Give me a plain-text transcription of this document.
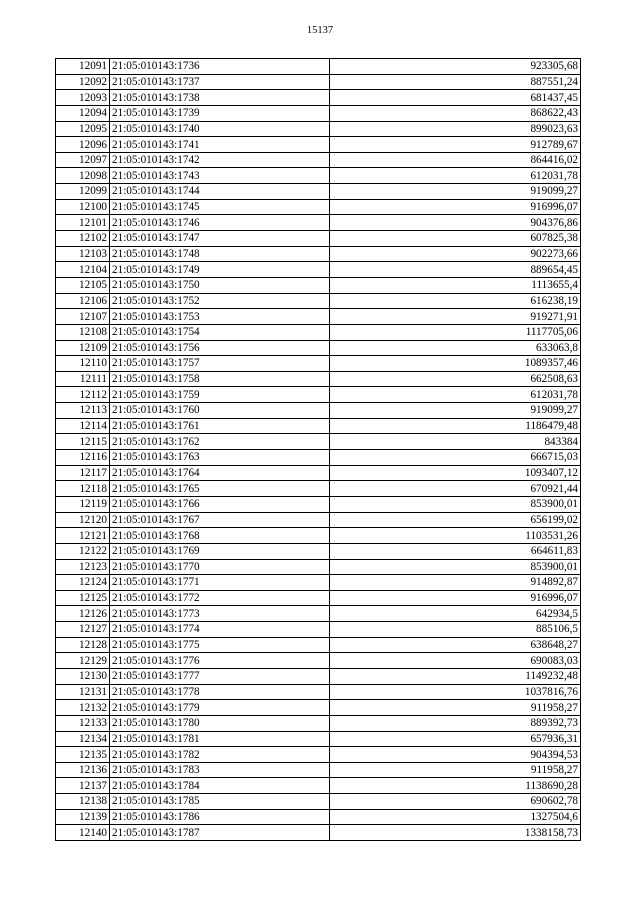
15137
12091	21:05:010143:1736	923305,68
12092	21:05:010143:1737	887551,24
12093	21:05:010143:1738	681437,45
12094	21:05:010143:1739	868622,43
12095	21:05:010143:1740	899023,63
12096	21:05:010143:1741	912789,67
12097	21:05:010143:1742	864416,02
12098	21:05:010143:1743	612031,78
12099	21:05:010143:1744	919099,27
12100	21:05:010143:1745	916996,07
12101	21:05:010143:1746	904376,86
12102	21:05:010143:1747	607825,38
12103	21:05:010143:1748	902273,66
12104	21:05:010143:1749	889654,45
12105	21:05:010143:1750	1113655,4
12106	21:05:010143:1752	616238,19
12107	21:05:010143:1753	919271,91
12108	21:05:010143:1754	1117705,06
12109	21:05:010143:1756	633063,8
12110	21:05:010143:1757	1089357,46
12111	21:05:010143:1758	662508,63
12112	21:05:010143:1759	612031,78
12113	21:05:010143:1760	919099,27
12114	21:05:010143:1761	1186479,48
12115	21:05:010143:1762	843384
12116	21:05:010143:1763	666715,03
12117	21:05:010143:1764	1093407,12
12118	21:05:010143:1765	670921,44
12119	21:05:010143:1766	853900,01
12120	21:05:010143:1767	656199,02
12121	21:05:010143:1768	1103531,26
12122	21:05:010143:1769	664611,83
12123	21:05:010143:1770	853900,01
12124	21:05:010143:1771	914892,87
12125	21:05:010143:1772	916996,07
12126	21:05:010143:1773	642934,5
12127	21:05:010143:1774	885106,5
12128	21:05:010143:1775	638648,27
12129	21:05:010143:1776	690083,03
12130	21:05:010143:1777	1149232,48
12131	21:05:010143:1778	1037816,76
12132	21:05:010143:1779	911958,27
12133	21:05:010143:1780	889392,73
12134	21:05:010143:1781	657936,31
12135	21:05:010143:1782	904394,53
12136	21:05:010143:1783	911958,27
12137	21:05:010143:1784	1138690,28
12138	21:05:010143:1785	690602,78
12139	21:05:010143:1786	1327504,6
12140	21:05:010143:1787	1338158,73
